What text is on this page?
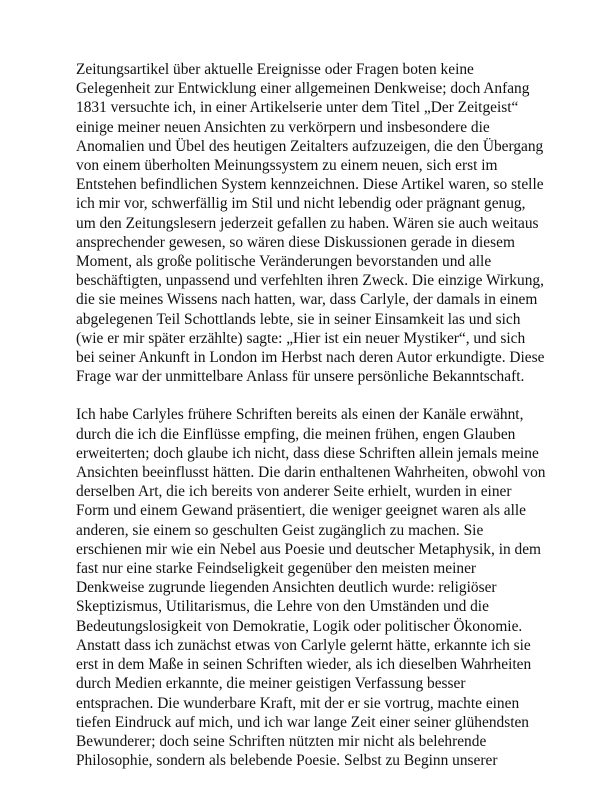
Zeitungsartikel über aktuelle Ereignisse oder Fragen boten keine
Gelegenheit zur Entwicklung einer allgemeinen Denkweise; doch Anfang
1831 versuchte ich, in einer Artikelserie unter dem Titel „Der Zeitgeist“
einige meiner neuen Ansichten zu verkörpern und insbesondere die
Anomalien und Übel des heutigen Zeitalters aufzuzeigen, die den Übergang
von einem überholten Meinungssystem zu einem neuen, sich erst im
Entstehen befindlichen System kennzeichnen. Diese Artikel waren, so stelle
ich mir vor, schwerfällig im Stil und nicht lebendig oder prägnant genug,
um den Zeitungslesern jederzeit gefallen zu haben. Wären sie auch weitaus
ansprechender gewesen, so wären diese Diskussionen gerade in diesem
Moment, als große politische Veränderungen bevorstanden und alle
beschäftigten, unpassend und verfehlten ihren Zweck. Die einzige Wirkung,
die sie meines Wissens nach hatten, war, dass Carlyle, der damals in einem
abgelegenen Teil Schottlands lebte, sie in seiner Einsamkeit las und sich
(wie er mir später erzählte) sagte: „Hier ist ein neuer Mystiker“, und sich
bei seiner Ankunft in London im Herbst nach deren Autor erkundigte. Diese
Frage war der unmittelbare Anlass für unsere persönliche Bekanntschaft.

Ich habe Carlyles frühere Schriften bereits als einen der Kanäle erwähnt,
durch die ich die Einflüsse empfing, die meinen frühen, engen Glauben
erweiterten; doch glaube ich nicht, dass diese Schriften allein jemals meine
Ansichten beeinflusst hätten. Die darin enthaltenen Wahrheiten, obwohl von
derselben Art, die ich bereits von anderer Seite erhielt, wurden in einer
Form und einem Gewand präsentiert, die weniger geeignet waren als alle
anderen, sie einem so geschulten Geist zugänglich zu machen. Sie
erschienen mir wie ein Nebel aus Poesie und deutscher Metaphysik, in dem
fast nur eine starke Feindseligkeit gegenüber den meisten meiner
Denkweise zugrunde liegenden Ansichten deutlich wurde: religiöser
Skeptizismus, Utilitarismus, die Lehre von den Umständen und die
Bedeutungslosigkeit von Demokratie, Logik oder politischer Ökonomie.
Anstatt dass ich zunächst etwas von Carlyle gelernt hätte, erkannte ich sie
erst in dem Maße in seinen Schriften wieder, als ich dieselben Wahrheiten
durch Medien erkannte, die meiner geistigen Verfassung besser
entsprachen. Die wunderbare Kraft, mit der er sie vortrug, machte einen
tiefen Eindruck auf mich, und ich war lange Zeit einer seiner glühendsten
Bewunderer; doch seine Schriften nützten mir nicht als belehrende
Philosophie, sondern als belebende Poesie. Selbst zu Beginn unserer
